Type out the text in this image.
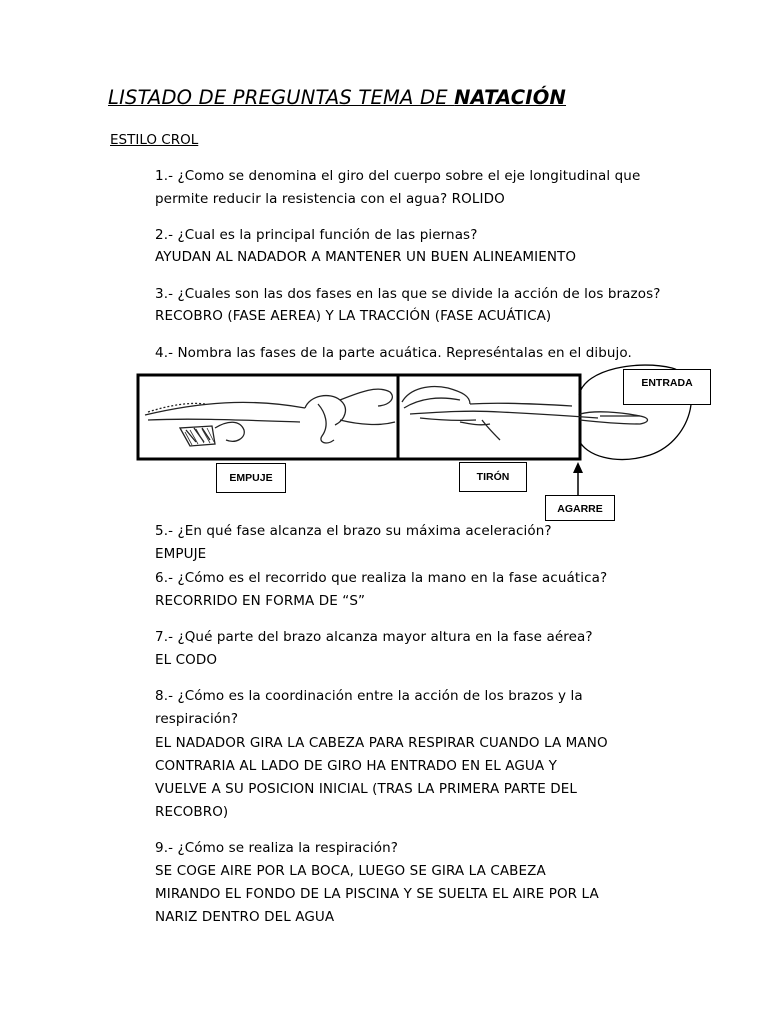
LISTADO DE PREGUNTAS TEMA DE NATACIÓN
ESTILO CROL
1.- ¿Como se denomina el giro del cuerpo sobre el eje longitudinal que
permite reducir la resistencia con el agua? ROLIDO
2.- ¿Cual es la principal función de las piernas?
AYUDAN AL NADADOR A MANTENER UN BUEN ALINEAMIENTO
3.- ¿Cuales son las dos fases en las que se divide la acción de los brazos?
RECOBRO (FASE AEREA) Y LA TRACCIÓN (FASE ACUÁTICA)
4.- Nombra las fases de la parte acuática. Represéntalas en el dibujo.
ENTRADA
EMPUJE	TIRÓN
AGARRE
5.- ¿En qué fase alcanza el brazo su máxima aceleración?
EMPUJE
6.- ¿Cómo es el recorrido que realiza la mano en la fase acuática?
RECORRIDO EN FORMA DE “S”
7.- ¿Qué parte del brazo alcanza mayor altura en la fase aérea?
EL CODO
8.- ¿Cómo es la coordinación entre la acción de los brazos y la
respiración?
EL NADADOR GIRA LA CABEZA PARA RESPIRAR CUANDO LA MANO
CONTRARIA AL LADO DE GIRO HA ENTRADO EN EL AGUA Y
VUELVE A SU POSICION INICIAL (TRAS LA PRIMERA PARTE DEL
RECOBRO)
9.- ¿Cómo se realiza la respiración?
SE COGE AIRE POR LA BOCA, LUEGO SE GIRA LA CABEZA
MIRANDO EL FONDO DE LA PISCINA Y SE SUELTA EL AIRE POR LA
NARIZ DENTRO DEL AGUA
